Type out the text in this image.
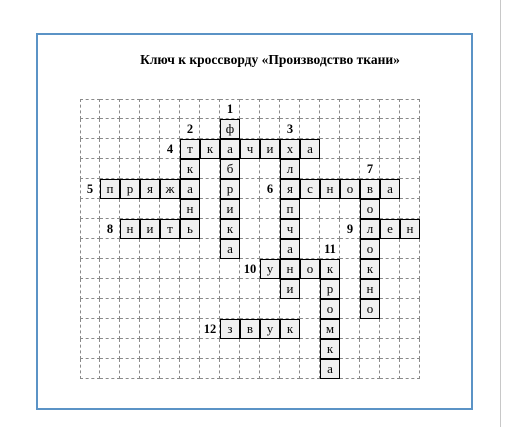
Ключ к кроссворду «Производство ткани»
ф
т	к	а	ч	и	х	а
к	б	л
п	р	я ж а	р	я	с	н	о	в	а
н	и	п	о
н	и	т	ь	к	ч	л	е	н
а	а	о
у	н	о	к	к
и	р	н
о	о
з	в	у	к	м
к
а
1
2	3
4
7
5	6
8	9
11
10
12
